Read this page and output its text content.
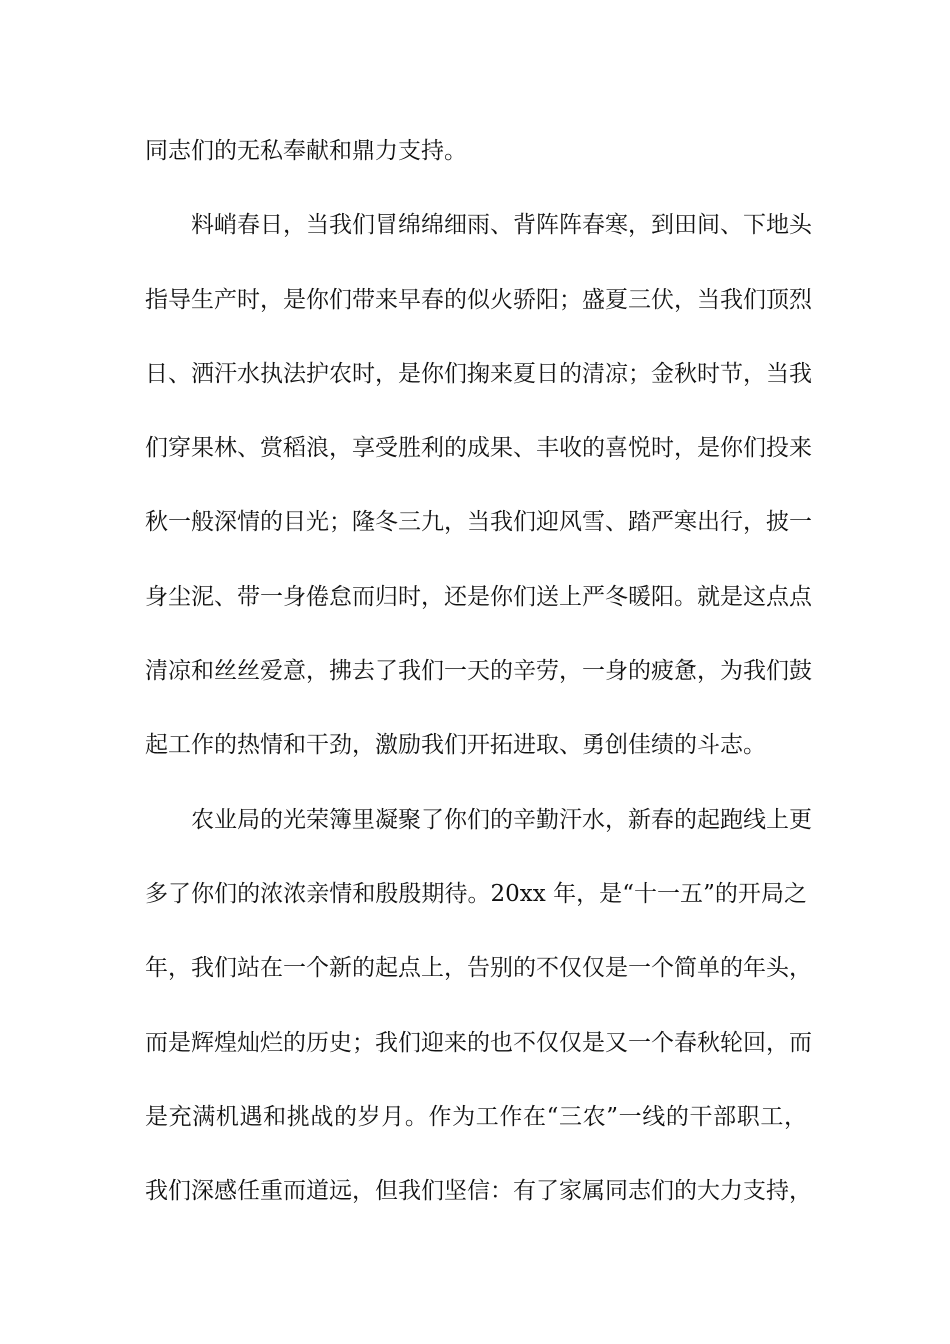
同志们的无私奉献和鼎力支持。
料峭春日，当我们冒绵绵细雨、背阵阵春寒，到田间、下地头
指导生产时，是你们带来早春的似火骄阳；盛夏三伏，当我们顶烈
日、洒汗水执法护农时，是你们掬来夏日的清凉；金秋时节，当我
们穿果林、赏稻浪，享受胜利的成果、丰收的喜悦时，是你们投来
秋一般深情的目光；隆冬三九，当我们迎风雪、踏严寒出行，披一
身尘泥、带一身倦怠而归时，还是你们送上严冬暖阳。就是这点点
清凉和丝丝爱意，拂去了我们一天的辛劳，一身的疲惫，为我们鼓
起工作的热情和干劲，激励我们开拓进取、勇创佳绩的斗志。
农业局的光荣簿里凝聚了你们的辛勤汗水，新春的起跑线上更
多了你们的浓浓亲情和殷殷期待。20xx 年，是“十一五”的开局之
年，我们站在一个新的起点上，告别的不仅仅是一个简单的年头，
而是辉煌灿烂的历史；我们迎来的也不仅仅是又一个春秋轮回，而
是充满机遇和挑战的岁月。作为工作在“三农”一线的干部职工，
我们深感任重而道远，但我们坚信：有了家属同志们的大力支持，
